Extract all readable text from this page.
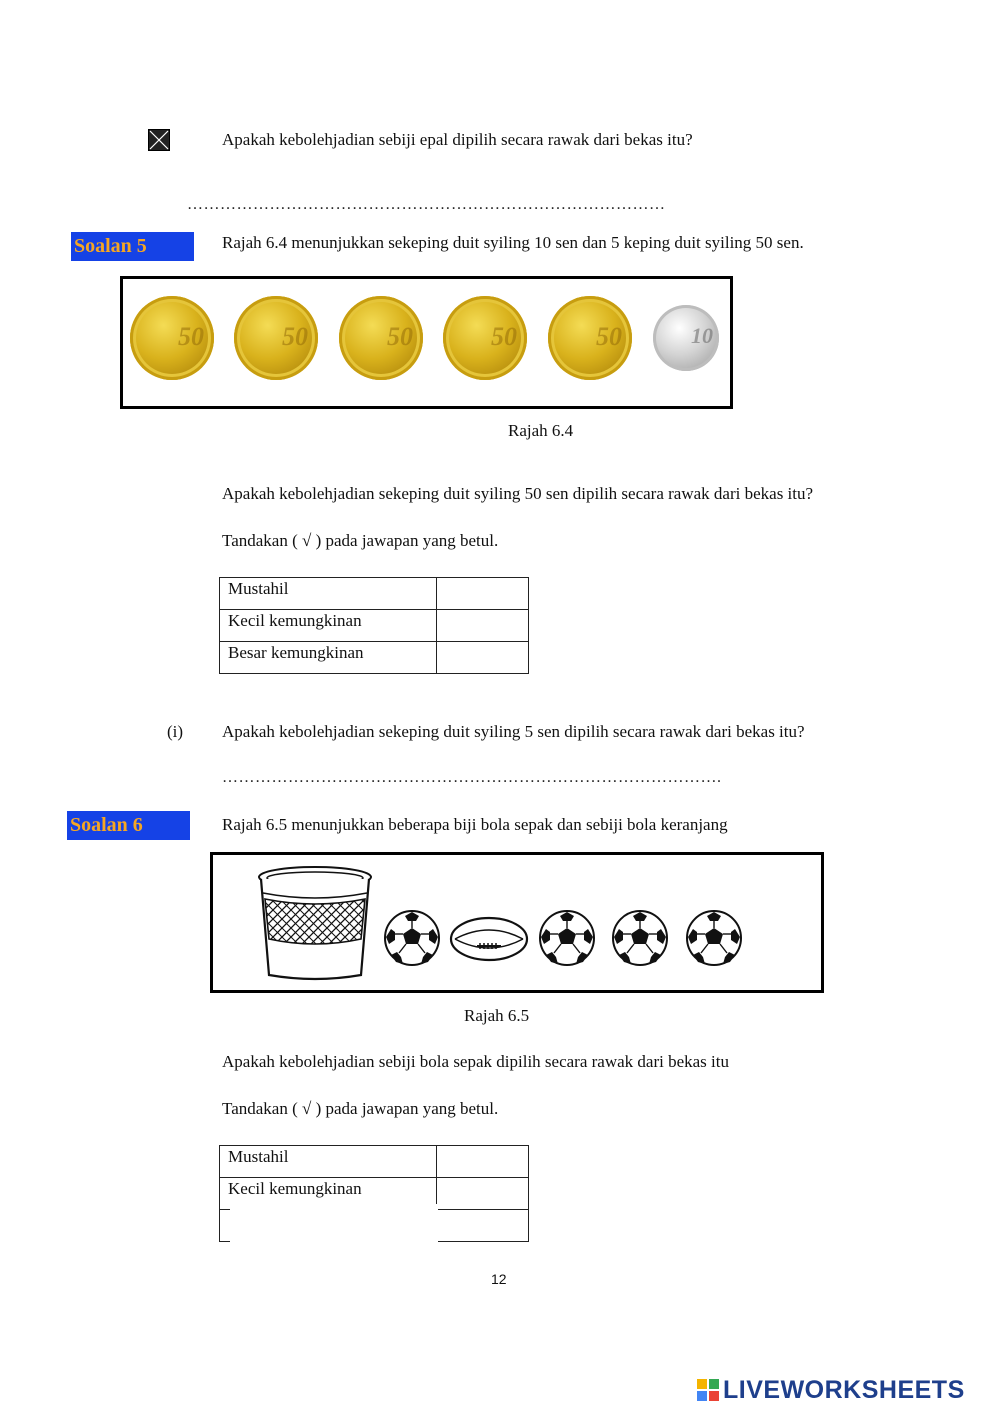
Apakah kebolehjadian sebiji epal dipilih secara rawak dari bekas itu?
……………………………………………………………………………
Soalan 5	Rajah 6.4 menunjukkan sekeping duit syiling 10 sen dan 5 keping duit syiling 50 sen.
50	50	50	50	50	10
Rajah 6.4
Apakah kebolehjadian sekeping duit syiling 50 sen dipilih secara rawak dari bekas itu?
Tandakan ( √ ) pada jawapan yang betul.
Mustahil	
Kecil kemungkinan	
Besar kemungkinan	
(i) Apakah kebolehjadian sekeping duit syiling 5 sen dipilih secara rawak dari bekas itu?
……………………………………………………………………………….
Soalan 6	Rajah 6.5 menunjukkan beberapa biji bola sepak dan sebiji bola keranjang
Rajah 6.5
Apakah kebolehjadian sebiji bola sepak dipilih secara rawak dari bekas itu
Tandakan ( √ ) pada jawapan yang betul.
Mustahil	
Kecil kemungkinan	

12
LIVEWORKSHEETS
